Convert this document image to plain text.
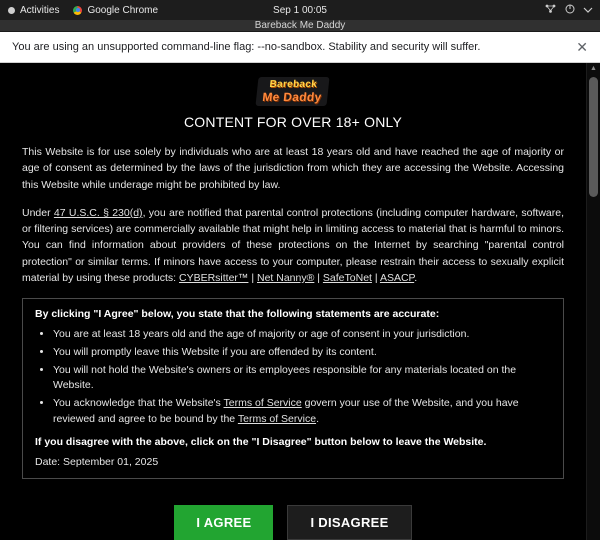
Activities	Google Chrome	Sep 1 00:05
Bareback Me Daddy
You are using an unsupported command-line flag: --no-sandbox. Stability and security will suffer.	✕
Bareback
Me Daddy
CONTENT FOR OVER 18+ ONLY

This Website is for use solely by individuals who are at least 18 years old and have reached the age of majority or age of consent as determined by the laws of the jurisdiction from which they are accessing the Website. Accessing this Website while underage might be prohibited by law.

Under 47 U.S.C. § 230(d), you are notified that parental control protections (including computer hardware, software, or filtering services) are commercially available that might help in limiting access to material that is harmful to minors. You can find information about providers of these protections on the Internet by searching "parental control protection" or similar terms. If minors have access to your computer, please restrain their access to sexually explicit material by using these products: CYBERsitter™ | Net Nanny® | SafeToNet | ASACP.

By clicking "I Agree" below, you state that the following statements are accurate:

• You are at least 18 years old and the age of majority or age of consent in your jurisdiction.
• You will promptly leave this Website if you are offended by its content.
• You will not hold the Website's owners or its employees responsible for any materials located on the Website.
• You acknowledge that the Website's Terms of Service govern your use of the Website, and you have reviewed and agree to be bound by the Terms of Service.

If you disagree with the above, click on the "I Disagree" button below to leave the Website.

Date: September 01, 2025

I AGREE	I DISAGREE
▲
